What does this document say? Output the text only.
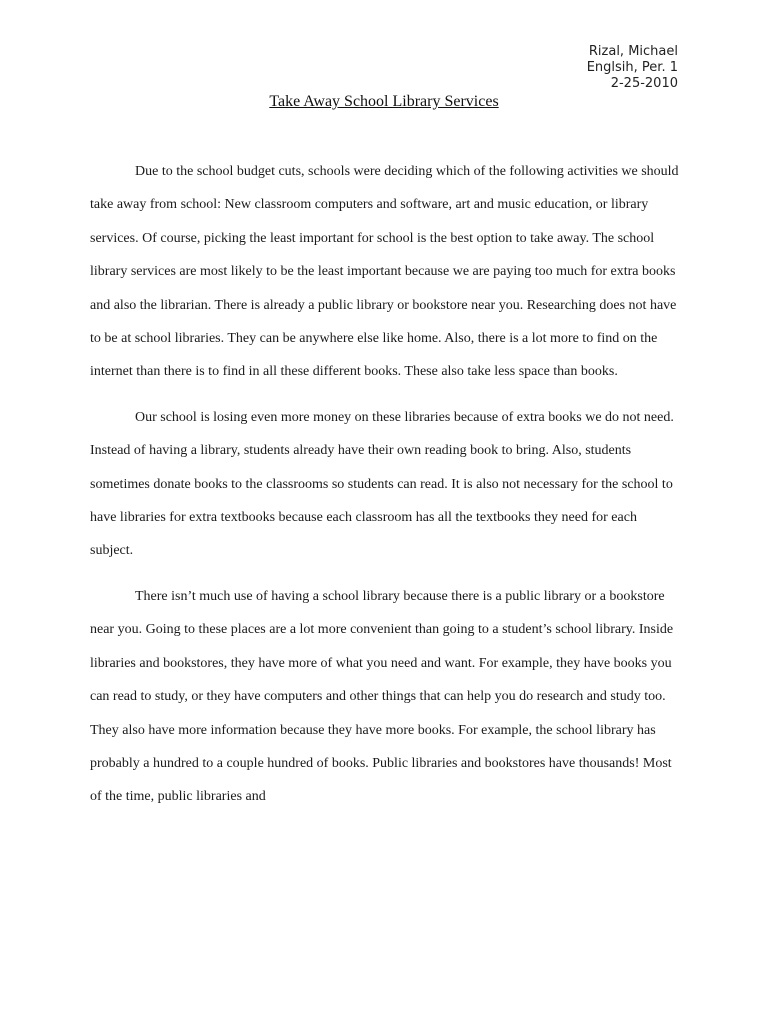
Rizal, Michael
Englsih, Per. 1
2-25-2010
Take Away School Library Services

Due to the school budget cuts, schools were deciding which of the following activities we should take away from school: New classroom computers and software, art and music education, or library services. Of course, picking the least important for school is the best option to take away. The school library services are most likely to be the least important because we are paying too much for extra books and also the librarian. There is already a public library or bookstore near you. Researching does not have to be at school libraries. They can be anywhere else like home. Also, there is a lot more to find on the internet than there is to find in all these different books. These also take less space than books.

Our school is losing even more money on these libraries because of extra books we do not need. Instead of having a library, students already have their own reading book to bring. Also, students sometimes donate books to the classrooms so students can read. It is also not necessary for the school to have libraries for extra textbooks because each classroom has all the textbooks they need for each subject.

There isn’t much use of having a school library because there is a public library or a bookstore near you. Going to these places are a lot more convenient than going to a student’s school library. Inside libraries and bookstores, they have more of what you need and want. For example, they have books you can read to study, or they have computers and other things that can help you do research and study too. They also have more information because they have more books. For example, the school library has probably a hundred to a couple hundred of books. Public libraries and bookstores have thousands! Most of the time, public libraries and
